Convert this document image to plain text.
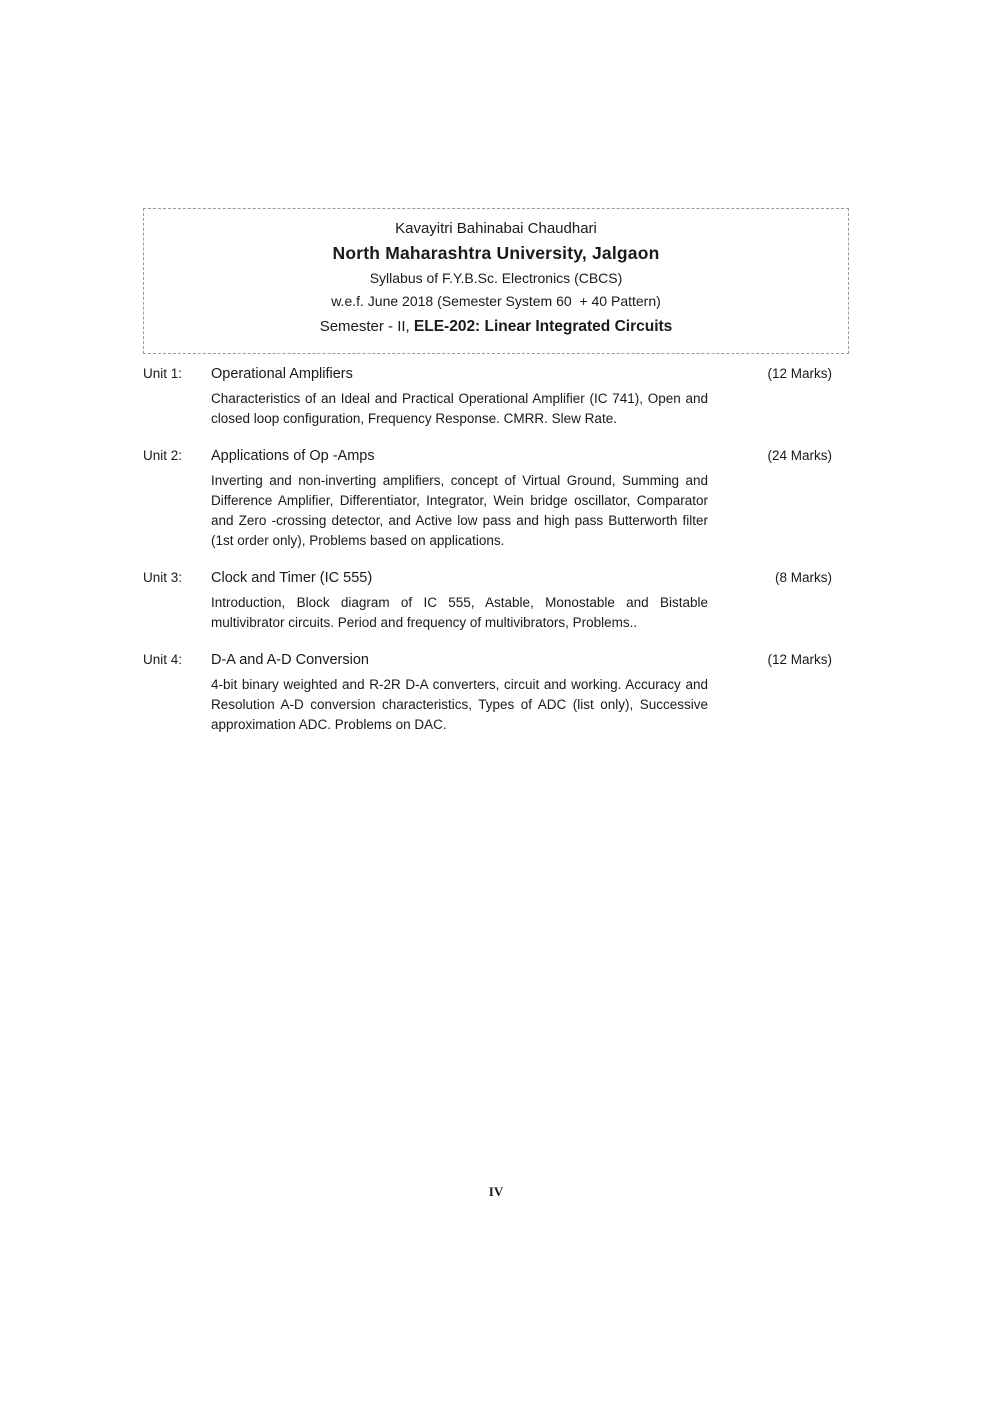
Kavayitri Bahinabai Chaudhari
North Maharashtra University, Jalgaon
Syllabus of F.Y.B.Sc. Electronics (CBCS)
w.e.f. June 2018 (Semester System 60  + 40 Pattern)
Semester - II, ELE-202: Linear Integrated Circuits
Unit 1:	Operational Amplifiers	(12 Marks)
Characteristics of an Ideal and Practical Operational Amplifier (IC 741), Open and closed loop configuration, Frequency Response. CMRR. Slew Rate.
Unit 2:	Applications of Op -Amps	(24 Marks)
Inverting and non-inverting amplifiers, concept of Virtual Ground, Summing and Difference Amplifier, Differentiator, Integrator, Wein bridge oscillator, Comparator and Zero -crossing detector, and Active low pass and high pass Butterworth filter (1st order only), Problems based on applications.
Unit 3:	Clock and Timer (IC 555)	(8 Marks)
Introduction, Block diagram of IC 555, Astable, Monostable and Bistable multivibrator circuits. Period and frequency of multivibrators, Problems..
Unit 4:	D-A and A-D Conversion	(12 Marks)
4-bit binary weighted and R-2R D-A converters, circuit and working. Accuracy and Resolution A-D conversion characteristics, Types of ADC (list only), Successive approximation ADC. Problems on DAC.
IV
